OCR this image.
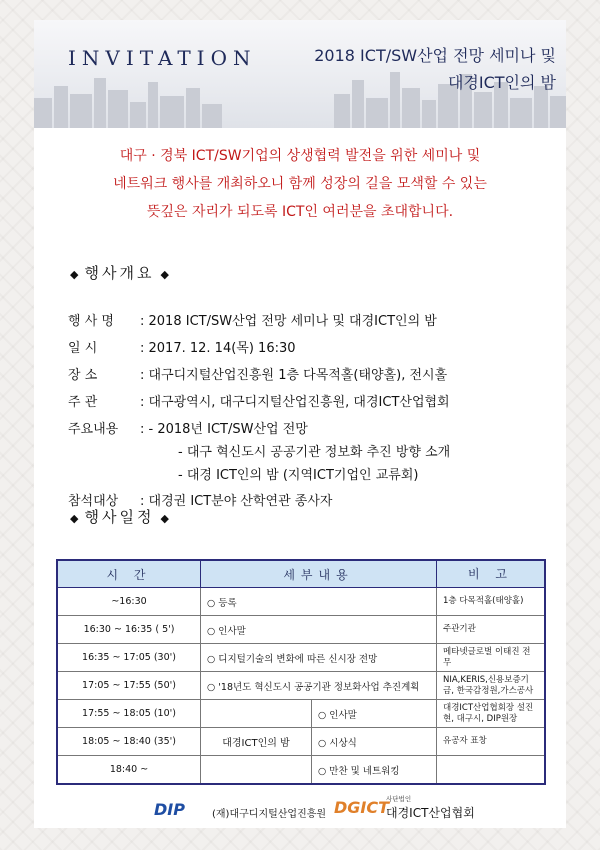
INVITATION	2018 ICT/SW산업 전망 세미나 및
대경ICT인의 밤
대구 · 경북 ICT/SW기업의 상생협력 발전을 위한 세미나 및
네트워크 행사를 개최하오니 함께 성장의 길을 모색할 수 있는
뜻깊은 자리가 되도록 ICT인 여러분을 초대합니다.
◆ 행사개요 ◆
행 사 명 : 2018 ICT/SW산업 전망 세미나 및 대경ICT인의 밤
일 시	: 2017. 12. 14(목) 16:30
장 소	: 대구디지털산업진흥원 1층 다목적홀(태양홀), 전시홀
주 관	: 대구광역시, 대구디지털산업진흥원, 대경ICT산업협회
주요내용 : - 2018년 ICT/SW산업 전망
- 대구 혁신도시 공공기관 정보화 추진 방향 소개
- 대경 ICT인의 밤 (지역ICT기업인 교류회)
참석대상 : 대경권 ICT분야 산학연관 종사자
◆ 행사일정 ◆
시 간	세부내용	비 고
~16:30	○ 등록	1층 다목적홀(태양홀)
16:30 ~ 16:35 ( 5')	○ 인사말	주관기관
16:35 ~ 17:05 (30')	○ 디지털기술의 변화에 따른 신시장 전망	메타넷글로벌 이태진 전무
17:05 ~ 17:55 (50')	○ '18년도 혁신도시 공공기관 정보화사업 추진계획	NIA,KERIS,신용보증기금, 한국감정원,가스공사
17:55 ~ 18:05 (10')	○ 인사말	대경ICT산업협회장 설진현, 대구시, DIP원장
18:05 ~ 18:40 (35')	대경ICT인의 밤 ○ 시상식	유공자 표창
18:40 ~	○ 만찬 및 네트워킹	

DIP	(재)대구디지털산업진흥원 DGICT
사단법인
대경ICT산업협회
